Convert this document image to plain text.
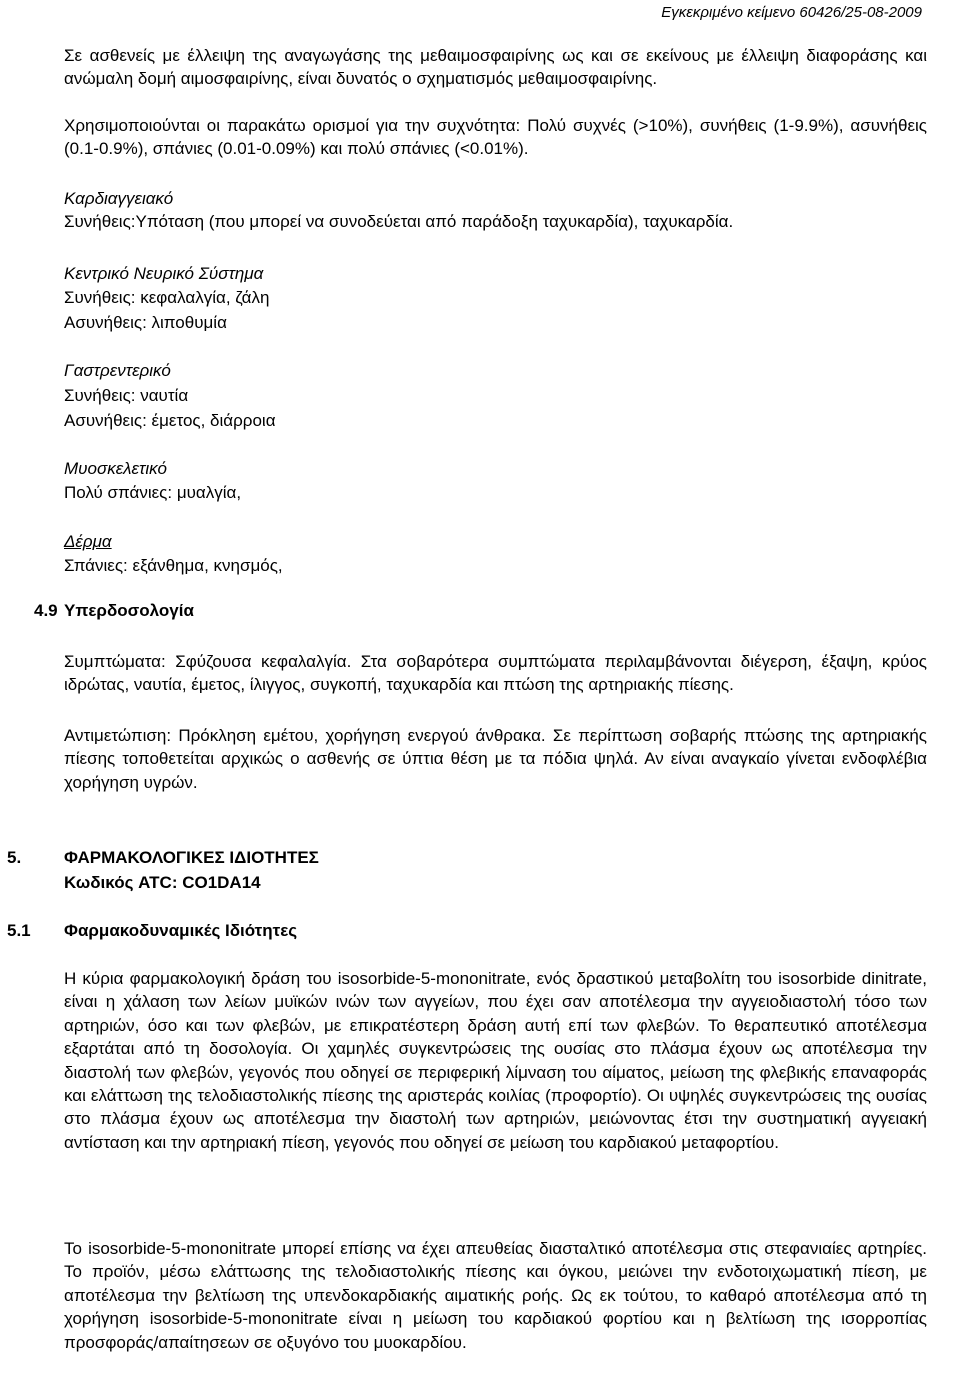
Εγκεκριμένο κείμενο 60426/25-08-2009
Σε ασθενείς με έλλειψη της αναγωγάσης της μεθαιμοσφαιρίνης ως και σε εκείνους με έλλειψη διαφοράσης και ανώμαλη δομή αιμοσφαιρίνης, είναι δυνατός ο σχηματισμός μεθαιμοσφαιρίνης.
Χρησιμοποιούνται οι παρακάτω ορισμοί για την συχνότητα: Πολύ συχνές (>10%), συνήθεις (1-9.9%), ασυνήθεις (0.1-0.9%), σπάνιες (0.01-0.09%) και πολύ σπάνιες (<0.01%).
Καρδιαγγειακό
Συνήθεις:Υπόταση (που μπορεί να συνοδεύεται από παράδοξη ταχυκαρδία), ταχυκαρδία.
Κεντρικό Νευρικό Σύστημα
Συνήθεις: κεφαλαλγία, ζάλη
Ασυνήθεις: λιποθυμία
Γαστρεντερικό
Συνήθεις: ναυτία
Ασυνήθεις: έμετος, διάρροια
Μυοσκελετικό
Πολύ σπάνιες: μυαλγία,
Δέρμα
Σπάνιες: εξάνθημα, κνησμός,
4.9 Υπερδοσολογία
Συμπτώματα: Σφύζουσα κεφαλαλγία. Στα σοβαρότερα συμπτώματα περιλαμβάνονται διέγερση, έξαψη, κρύος ιδρώτας, ναυτία, έμετος, ίλιγγος, συγκοπή, ταχυκαρδία και πτώση της αρτηριακής πίεσης.
Αντιμετώπιση: Πρόκληση εμέτου, χορήγηση ενεργού άνθρακα. Σε περίπτωση σοβαρής πτώσης της αρτηριακής πίεσης τοποθετείται αρχικώς ο ασθενής σε ύπτια θέση με τα πόδια ψηλά. Αν είναι αναγκαίο γίνεται ενδοφλέβια χορήγηση υγρών.
5.	ΦΑΡΜΑΚΟΛΟΓΙΚΕΣ ΙΔΙΟΤΗΤΕΣ
Κωδικός ATC: CO1DA14
5.1 Φαρμακοδυναμικές Ιδιότητες
Η κύρια φαρμακολογική δράση του isosorbide-5-mononitrate, ενός δραστικού μεταβολίτη του isosorbide dinitrate, είναι η χάλαση των λείων μυϊκών ινών των αγγείων, που έχει σαν αποτέλεσμα την αγγειοδιαστολή τόσο των αρτηριών, όσο και των φλεβών, με επικρατέστερη δράση αυτή επί των φλεβών. Το θεραπευτικό αποτέλεσμα εξαρτάται από τη δοσολογία. Οι χαμηλές συγκεντρώσεις της ουσίας στο πλάσμα έχουν ως αποτέλεσμα την διαστολή των φλεβών, γεγονός που οδηγεί σε περιφερική λίμναση του αίματος, μείωση της φλεβικής επαναφοράς και ελάττωση της τελοδιαστολικής πίεσης της αριστεράς κοιλίας (προφορτίο). Οι υψηλές συγκεντρώσεις της ουσίας στο πλάσμα έχουν ως αποτέλεσμα την διαστολή των αρτηριών, μειώνοντας έτσι την συστηματική αγγειακή αντίσταση και την αρτηριακή πίεση, γεγονός που οδηγεί σε μείωση του καρδιακού μεταφορτίου.
Το isosorbide-5-mononitrate μπορεί επίσης να έχει απευθείας διασταλτικό αποτέλεσμα στις στεφανιαίες αρτηρίες. Το προϊόν, μέσω ελάττωσης της τελοδιαστολικής πίεσης και όγκου, μειώνει την ενδοτοιχωματική πίεση, με αποτέλεσμα την βελτίωση της υπενδοκαρδιακής αιματικής ροής. Ως εκ τούτου, το καθαρό αποτέλεσμα από τη χορήγηση isosorbide-5-mononitrate είναι η μείωση του καρδιακού φορτίου και η βελτίωση της ισορροπίας προσφοράς/απαίτησεων σε οξυγόνο του μυοκαρδίου.
